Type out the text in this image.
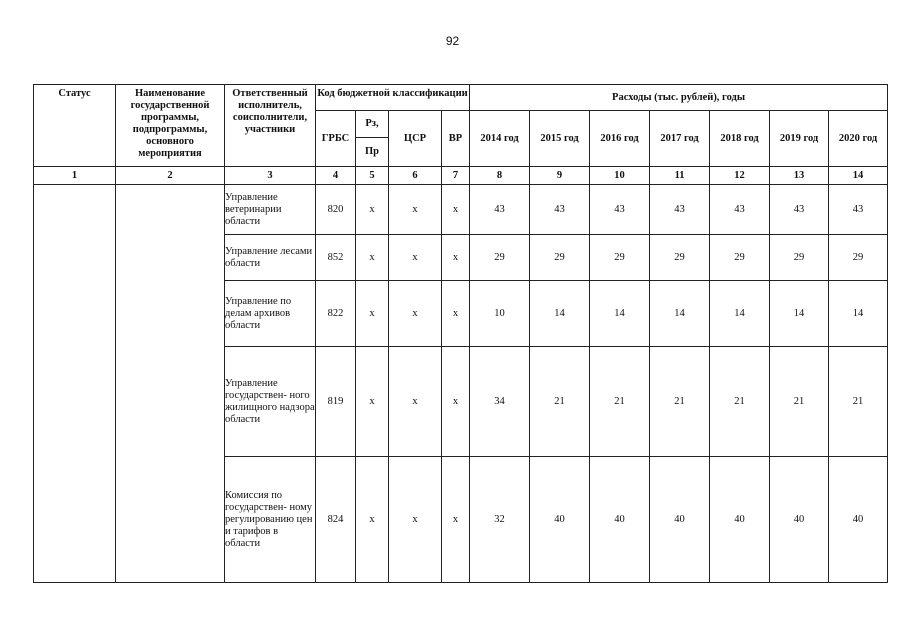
92
Статус	Наименование государственной программы, подпрограммы, основного мероприятия	Ответственный исполнитель, соисполнители, участники	Код бюджетной классификации				Расходы (тыс. рублей), годы						
			ГРБС	Рз,	ЦСР	ВР	2014 год	2015 год	2016 год	2017 год	2018 год	2019 год	2020 год
				Пр									
1	2	3	4	5	6	7	8	9	10	11	12	13	14
		Управление ветеринарии области	820	х	х	х	43	43	43	43	43	43	43
		Управление лесами области	852	х	х	х	29	29	29	29	29	29	29
		Управление по делам архивов области	822	х	х	х	10	14	14	14	14	14	14
		Управление государствен- ного жилищного надзора области	819	х	х	х	34	21	21	21	21	21	21
		Комиссия по государствен- ному регулированию цен и тарифов в области	824	х	х	х	32	40	40	40	40	40	40
